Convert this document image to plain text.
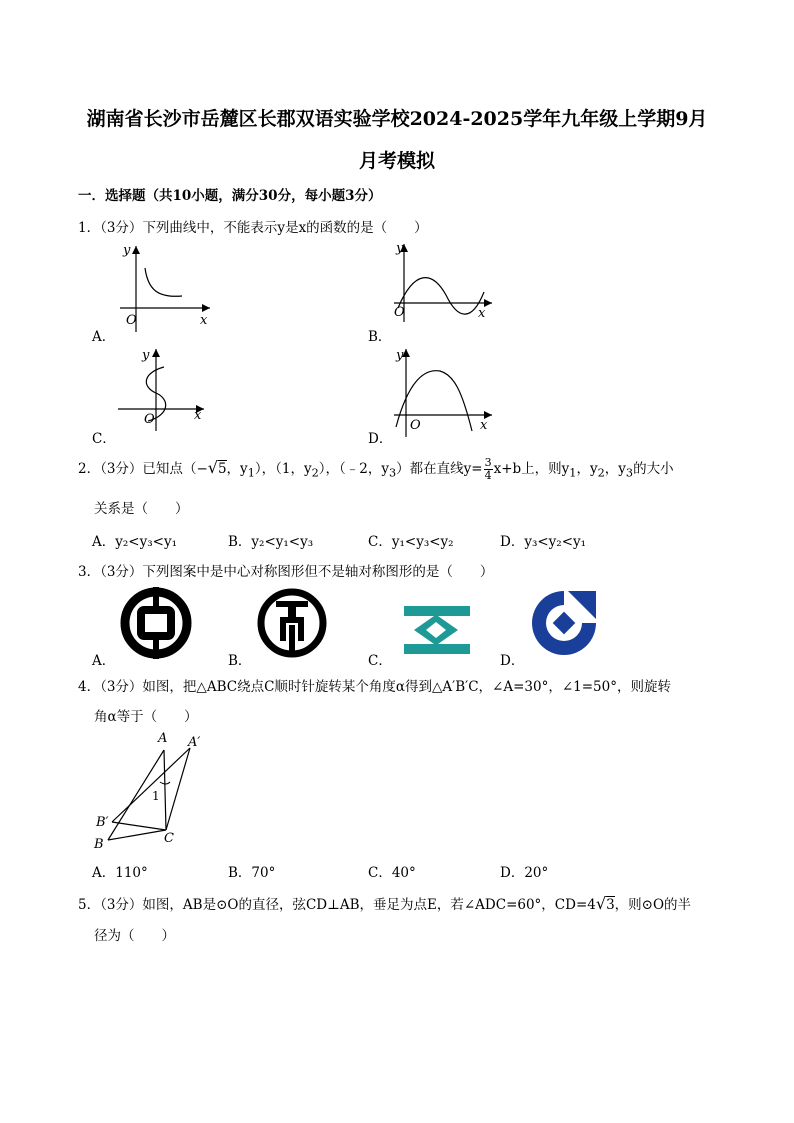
湖南省长沙市岳麓区长郡双语实验学校2024-2025学年九年级上学期9月
月考模拟
一．选择题（共10小题，满分30分，每小题3分）
1．（3分）下列曲线中，不能表示y是x的函数的是（　　）
y
x
O
A．
y
x
O
B．
y
x
O
C．
y
x
O
D．
2．（3分）已知点（−√5，$y_1$），（1，$y_2$），（﹣2，$y_3$）都在直线$y= \frac{3}{4} x+b$上，则$y_1$，$y_2$，$y_3$的大小
关系是（　　）
A．y₂<y₃<y₁	B．y₂<y₁<y₃	C．y₁<y₃<y₂	D．y₃<y₂<y₁
3．（3分）下列图案中是中心对称图形但不是轴对称图形的是（　　）
A．	B．	C．	D．
4．（3分）如图，把△ABC绕点C顺时针旋转某个角度α得到△A′B′C，∠A=30°，∠1=50°，则旋转
角α等于（　　）
A A′
B′
B	C
1
A．110°	B．70°	C．40°	D．20°
5．（3分）如图，AB是⊙O的直径，弦CD⊥AB，垂足为点E，若∠ADC=60°，CD=4√3，则⊙O的半
径为（　　）
